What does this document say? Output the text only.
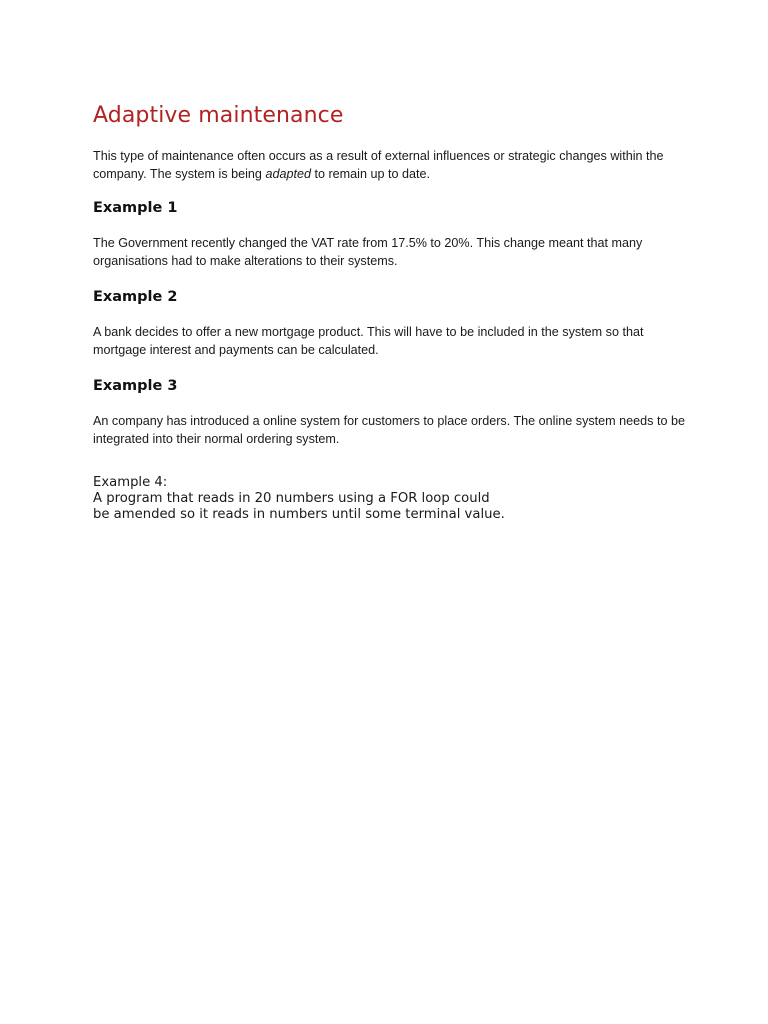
Adaptive maintenance

This type of maintenance often occurs as a result of external influences or strategic changes within the company. The system is being adapted to remain up to date.

Example 1

The Government recently changed the VAT rate from 17.5% to 20%. This change meant that many organisations had to make alterations to their systems.

Example 2

A bank decides to offer a new mortgage product. This will have to be included in the system so that mortgage interest and payments can be calculated.

Example 3

An company has introduced a online system for customers to place orders. The online system needs to be integrated into their normal ordering system.

Example 4:
A program that reads in 20 numbers using a FOR loop could
be amended so it reads in numbers until some terminal value.
